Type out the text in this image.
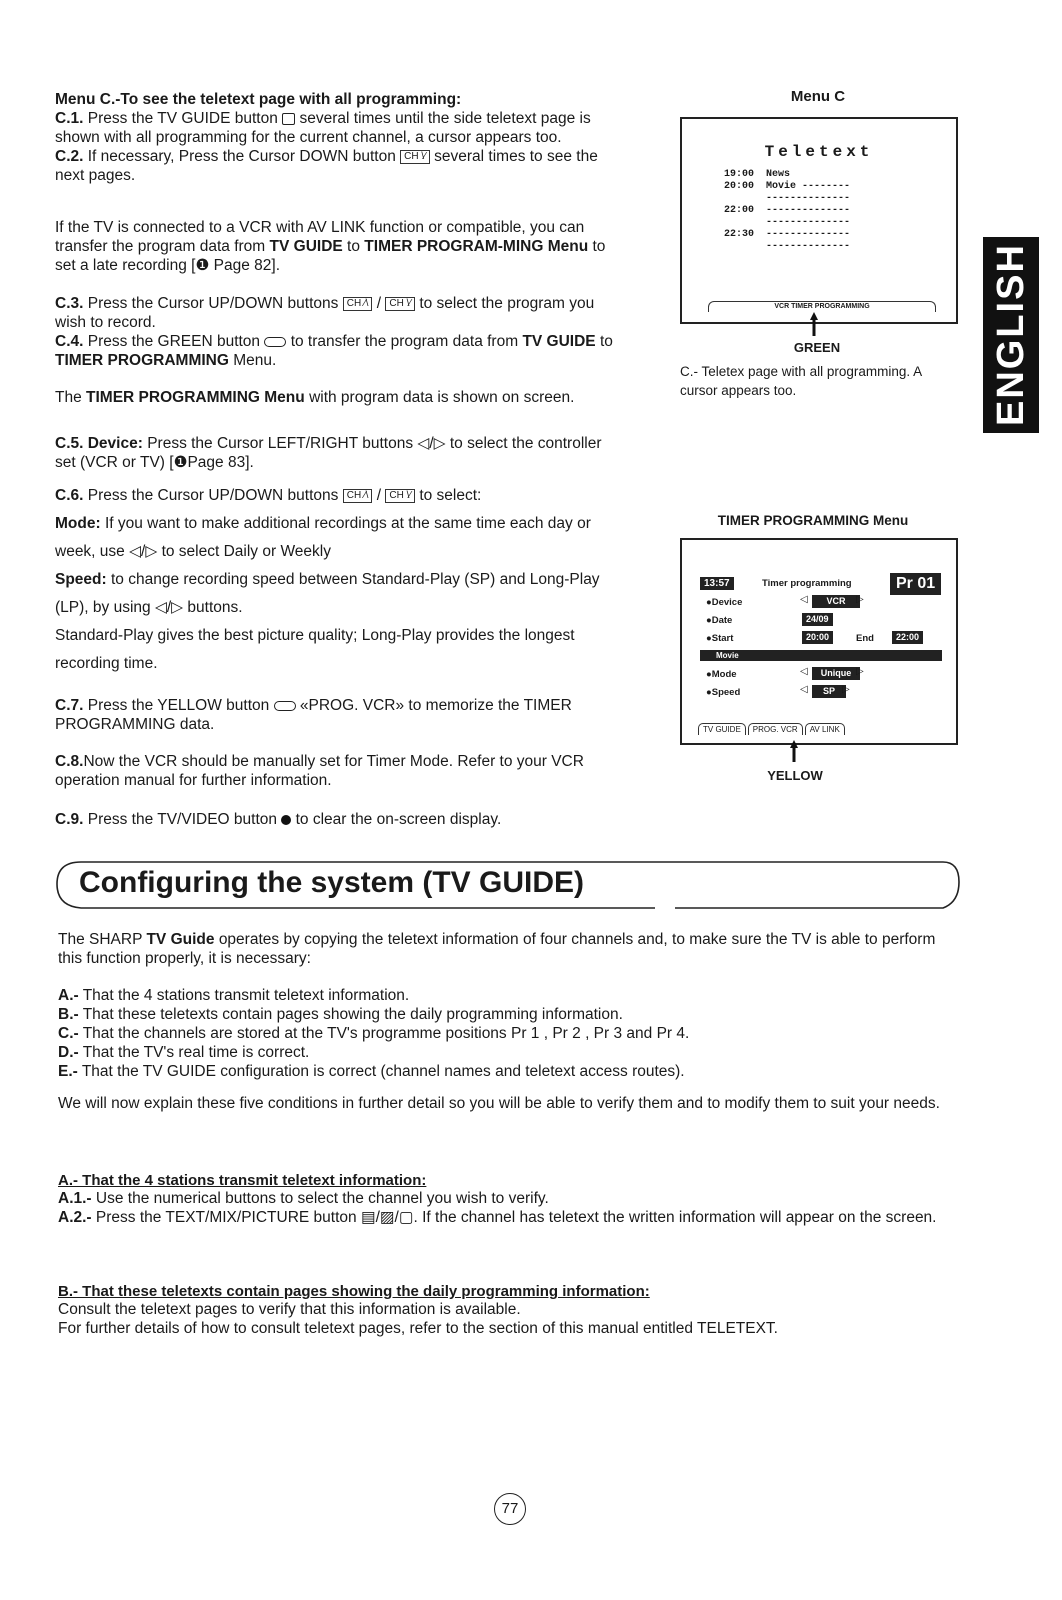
Menu C.-To see the teletext page with all programming:

C.1. Press the TV GUIDE button several times until the side teletext page is shown with all programming for the current channel, a cursor appears too.

C.2. If necessary, Press the Cursor DOWN button CH \⁄ several times to see the next pages.

If the TV is connected to a VCR with AV LINK function or compatible, you can transfer the program data from TV GUIDE to TIMER PROGRAM-MING Menu to set a late recording [❶ Page 82].

C.3. Press the Cursor UP/DOWN buttons CH ⁄\ / CH \⁄ to select the program you wish to record.

C.4. Press the GREEN button to transfer the program data from TV GUIDE to TIMER PROGRAMMING Menu.

The TIMER PROGRAMMING Menu with program data is shown on screen.

C.5. Device: Press the Cursor LEFT/RIGHT buttons ◁/▷ to select the controller set (VCR or TV) [❶Page 83].

C.6. Press the Cursor UP/DOWN buttons CH ⁄\ / CH \⁄ to select:

Mode: If you want to make additional recordings at the same time each day or week, use ◁/▷ to select Daily or Weekly

Speed: to change recording speed between Standard-Play (SP) and Long-Play (LP), by using ◁/▷ buttons.

Standard-Play gives the best picture quality; Long-Play provides the longest recording time.

C.7. Press the YELLOW button «PROG. VCR» to memorize the TIMER PROGRAMMING data.

C.8.Now the VCR should be manually set for Timer Mode. Refer to your VCR operation manual for further information.

C.9. Press the TV/VIDEO button to clear the on-screen display.

Menu C
Teletext
19:00 News
20:00 Movie --------
--------------
22:00 --------------
--------------
22:30 --------------
--------------
VCR TIMER PROGRAMMING
GREEN
C.- Teletex page with all programming. A cursor appears too.
TIMER PROGRAMMING Menu
13:57	Timer programming	Pr 01
●Device	◁	VCR	▷
●Date	24/09
●Start	20:00	End	22:00
Movie
●Mode	◁	Unique ▷
●Speed	◁	SP ▷
TV GUIDE	PROG. VCR	AV LINK
YELLOW
ENGLISH
Configuring the system (TV GUIDE)

The SHARP TV Guide operates by copying the teletext information of four channels and, to make sure the TV is able to perform this function properly, it is necessary:

A.- That the 4 stations transmit teletext information.

B.- That these teletexts contain pages showing the daily programming information.

C.- That the channels are stored at the TV's programme positions Pr 1 , Pr 2 , Pr 3 and Pr 4.

D.- That the TV's real time is correct.

E.- That the TV GUIDE configuration is correct (channel names and teletext access routes).

We will now explain these five conditions in further detail so you will be able to verify them and to modify them to suit your needs.

A.- That the 4 stations transmit teletext information:

A.1.- Use the numerical buttons to select the channel you wish to verify.

A.2.- Press the TEXT/MIX/PICTURE button ▤/▨/▢. If the channel has teletext the written information will appear on the screen.

B.- That these teletexts contain pages showing the daily programming information:

Consult the teletext pages to verify that this information is available.

For further details of how to consult teletext pages, refer to the section of this manual entitled TELETEXT.

77
